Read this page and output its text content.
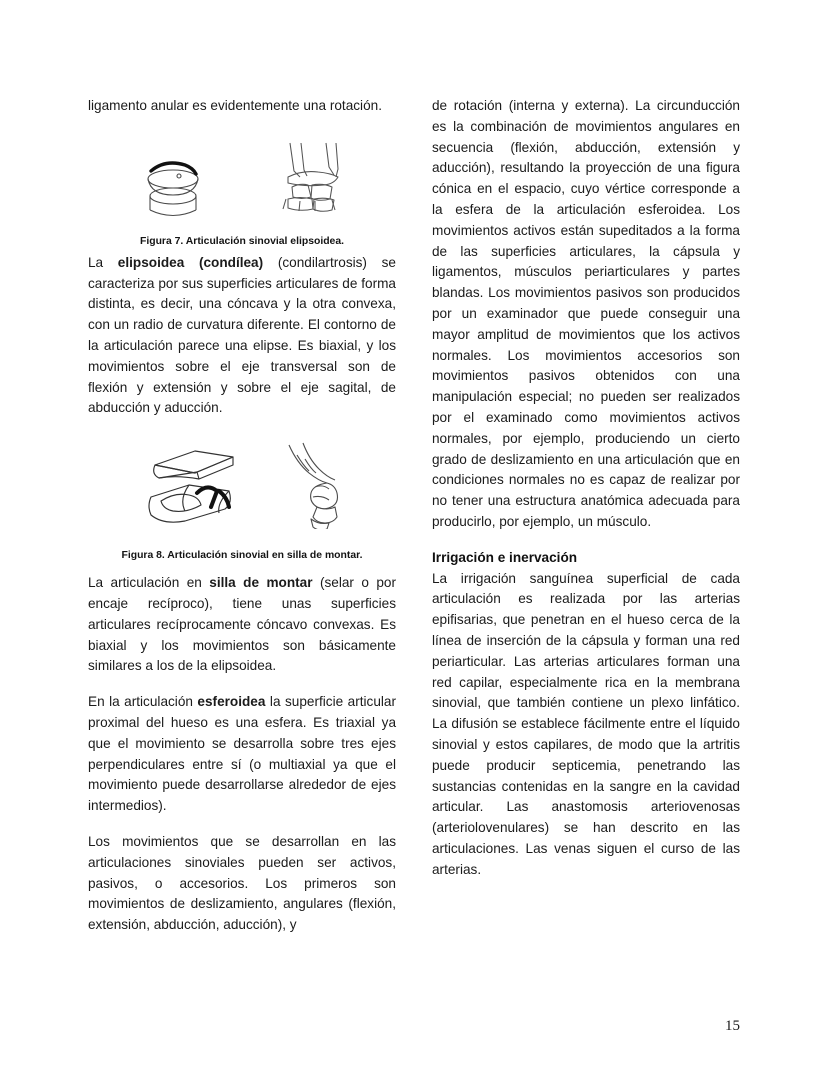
ligamento anular es evidentemente una rotación.

Figura 7. Articulación sinovial elipsoidea.

La elipsoidea (condílea) (condilartrosis) se caracteriza por sus superficies articulares de forma distinta, es decir, una cóncava y la otra convexa, con un radio de curvatura diferente. El contorno de la articulación parece una elipse. Es biaxial, y los movimientos sobre el eje transversal son de flexión y extensión y sobre el eje sagital, de abducción y aducción.

Figura 8. Articulación sinovial en silla de montar.

La articulación en silla de montar (selar o por encaje recíproco), tiene unas superficies articulares recíprocamente cóncavo convexas. Es biaxial y los movimientos son básicamente similares a los de la elipsoidea.

En la articulación esferoidea la superficie articular proximal del hueso es una esfera. Es triaxial ya que el movimiento se desarrolla sobre tres ejes perpendiculares entre sí (o multiaxial ya que el movimiento puede desarrollarse alrededor de ejes intermedios).

Los movimientos que se desarrollan en las articulaciones sinoviales pueden ser activos, pasivos, o accesorios. Los primeros son movimientos de deslizamiento, angulares (flexión, extensión, abducción, aducción), y

de rotación (interna y externa). La circunducción es la combinación de movimientos angulares en secuencia (flexión, abducción, extensión y aducción), resultando la proyección de una figura cónica en el espacio, cuyo vértice corresponde a la esfera de la articulación esferoidea. Los movimientos activos están supeditados a la forma de las superficies articulares, la cápsula y ligamentos, músculos periarticulares y partes blandas. Los movimientos pasivos son producidos por un examinador que puede conseguir una mayor amplitud de movimientos que los activos normales. Los movimientos accesorios son movimientos pasivos obtenidos con una manipulación especial; no pueden ser realizados por el examinado como movimientos activos normales, por ejemplo, produciendo un cierto grado de deslizamiento en una articulación que en condiciones normales no es capaz de realizar por no tener una estructura anatómica adecuada para producirlo, por ejemplo, un músculo.

Irrigación e inervación

La irrigación sanguínea superficial de cada articulación es realizada por las arterias epifisarias, que penetran en el hueso cerca de la línea de inserción de la cápsula y forman una red periarticular. Las arterias articulares forman una red capilar, especialmente rica en la membrana sinovial, que también contiene un plexo linfático. La difusión se establece fácilmente entre el líquido sinovial y estos capilares, de modo que la artritis puede producir septicemia, penetrando las sustancias contenidas en la sangre en la cavidad articular. Las anastomosis arteriovenosas (arteriolovenulares) se han descrito en las articulaciones. Las venas siguen el curso de las arterias.

15
